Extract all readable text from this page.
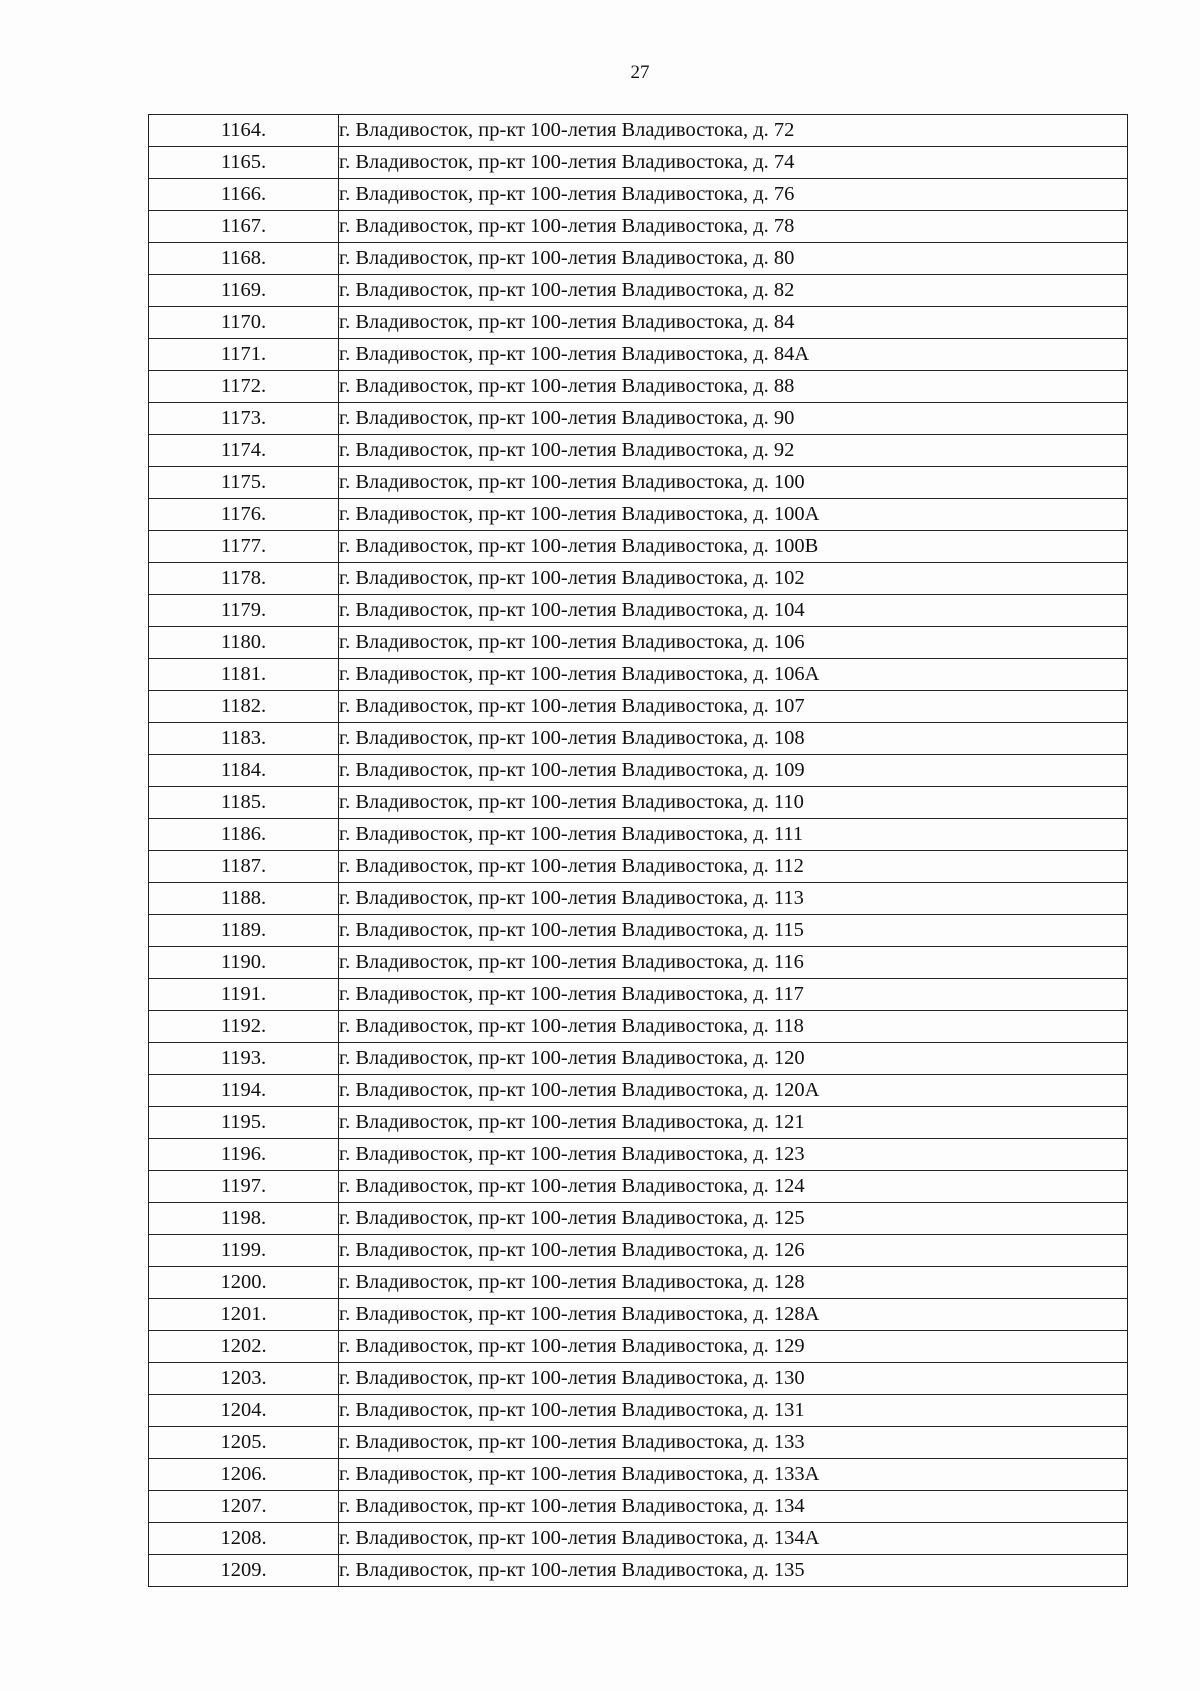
27
1164.	г. Владивосток, пр-кт 100-летия Владивостока, д. 72
1165.	г. Владивосток, пр-кт 100-летия Владивостока, д. 74
1166.	г. Владивосток, пр-кт 100-летия Владивостока, д. 76
1167.	г. Владивосток, пр-кт 100-летия Владивостока, д. 78
1168.	г. Владивосток, пр-кт 100-летия Владивостока, д. 80
1169.	г. Владивосток, пр-кт 100-летия Владивостока, д. 82
1170.	г. Владивосток, пр-кт 100-летия Владивостока, д. 84
1171.	г. Владивосток, пр-кт 100-летия Владивостока, д. 84А
1172.	г. Владивосток, пр-кт 100-летия Владивостока, д. 88
1173.	г. Владивосток, пр-кт 100-летия Владивостока, д. 90
1174.	г. Владивосток, пр-кт 100-летия Владивостока, д. 92
1175.	г. Владивосток, пр-кт 100-летия Владивостока, д. 100
1176.	г. Владивосток, пр-кт 100-летия Владивостока, д. 100А
1177.	г. Владивосток, пр-кт 100-летия Владивостока, д. 100В
1178.	г. Владивосток, пр-кт 100-летия Владивостока, д. 102
1179.	г. Владивосток, пр-кт 100-летия Владивостока, д. 104
1180.	г. Владивосток, пр-кт 100-летия Владивостока, д. 106
1181.	г. Владивосток, пр-кт 100-летия Владивостока, д. 106А
1182.	г. Владивосток, пр-кт 100-летия Владивостока, д. 107
1183.	г. Владивосток, пр-кт 100-летия Владивостока, д. 108
1184.	г. Владивосток, пр-кт 100-летия Владивостока, д. 109
1185.	г. Владивосток, пр-кт 100-летия Владивостока, д. 110
1186.	г. Владивосток, пр-кт 100-летия Владивостока, д. 111
1187.	г. Владивосток, пр-кт 100-летия Владивостока, д. 112
1188.	г. Владивосток, пр-кт 100-летия Владивостока, д. 113
1189.	г. Владивосток, пр-кт 100-летия Владивостока, д. 115
1190.	г. Владивосток, пр-кт 100-летия Владивостока, д. 116
1191.	г. Владивосток, пр-кт 100-летия Владивостока, д. 117
1192.	г. Владивосток, пр-кт 100-летия Владивостока, д. 118
1193.	г. Владивосток, пр-кт 100-летия Владивостока, д. 120
1194.	г. Владивосток, пр-кт 100-летия Владивостока, д. 120А
1195.	г. Владивосток, пр-кт 100-летия Владивостока, д. 121
1196.	г. Владивосток, пр-кт 100-летия Владивостока, д. 123
1197.	г. Владивосток, пр-кт 100-летия Владивостока, д. 124
1198.	г. Владивосток, пр-кт 100-летия Владивостока, д. 125
1199.	г. Владивосток, пр-кт 100-летия Владивостока, д. 126
1200.	г. Владивосток, пр-кт 100-летия Владивостока, д. 128
1201.	г. Владивосток, пр-кт 100-летия Владивостока, д. 128А
1202.	г. Владивосток, пр-кт 100-летия Владивостока, д. 129
1203.	г. Владивосток, пр-кт 100-летия Владивостока, д. 130
1204.	г. Владивосток, пр-кт 100-летия Владивостока, д. 131
1205.	г. Владивосток, пр-кт 100-летия Владивостока, д. 133
1206.	г. Владивосток, пр-кт 100-летия Владивостока, д. 133А
1207.	г. Владивосток, пр-кт 100-летия Владивостока, д. 134
1208.	г. Владивосток, пр-кт 100-летия Владивостока, д. 134А
1209.	г. Владивосток, пр-кт 100-летия Владивостока, д. 135
